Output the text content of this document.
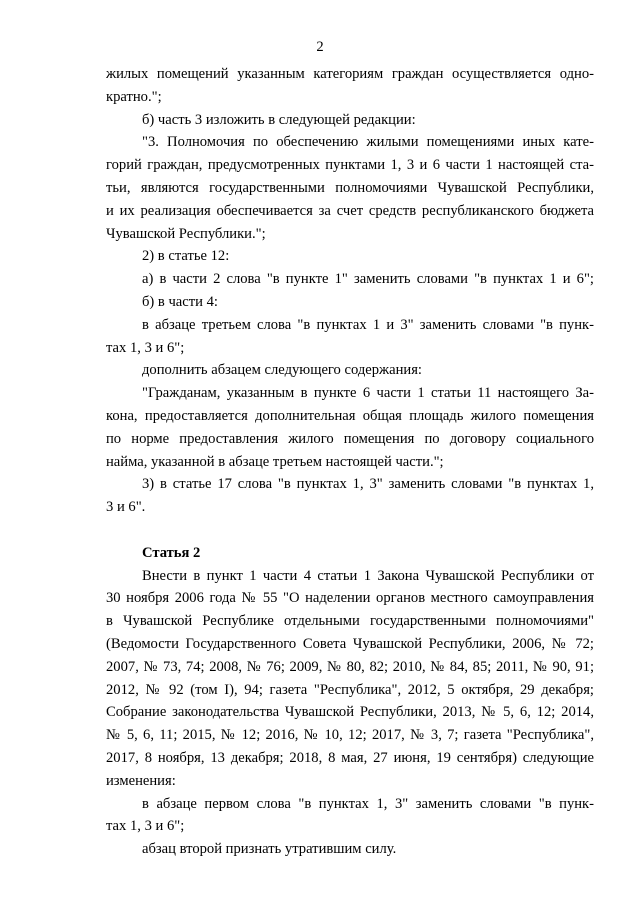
2
жилых помещений указанным категориям граждан осуществляется одно-
кратно.";
б) часть 3 изложить в следующей редакции:
"3. Полномочия по обеспечению жилыми помещениями иных кате-
горий граждан, предусмотренных пунктами 1, 3 и 6 части 1 настоящей ста-
тьи, являются государственными полномочиями Чувашской Республики,
и их реализация обеспечивается за счет средств республиканского бюджета
Чувашской Республики.";
2) в статье 12:
а) в части 2 слова "в пункте 1" заменить словами "в пунктах 1 и 6";
б) в части 4:
в абзаце третьем слова "в пунктах 1 и 3" заменить словами "в пунк-
тах 1, 3 и 6";
дополнить абзацем следующего содержания:
"Гражданам, указанным в пункте 6 части 1 статьи 11 настоящего За-
кона, предоставляется дополнительная общая площадь жилого помещения
по норме предоставления жилого помещения по договору социального
найма, указанной в абзаце третьем настоящей части.";
3) в статье 17 слова "в пунктах 1, 3" заменить словами "в пунктах 1,
3 и 6".
Статья 2
Внести в пункт 1 части 4 статьи 1 Закона Чувашской Республики от
30 ноября 2006 года № 55 "О наделении органов местного самоуправления
в Чувашской Республике отдельными государственными полномочиями"
(Ведомости Государственного Совета Чувашской Республики, 2006, № 72;
2007, № 73, 74; 2008, № 76; 2009, № 80, 82; 2010, № 84, 85; 2011, № 90, 91;
2012, № 92 (том I), 94; газета "Республика", 2012, 5 октября, 29 декабря;
Собрание законодательства Чувашской Республики, 2013, № 5, 6, 12; 2014,
№ 5, 6, 11; 2015, № 12; 2016, № 10, 12; 2017, № 3, 7; газета "Республика",
2017, 8 ноября, 13 декабря; 2018, 8 мая, 27 июня, 19 сентября) следующие
изменения:
в абзаце первом слова "в пунктах 1, 3" заменить словами "в пунк-
тах 1, 3 и 6";
абзац второй признать утратившим силу.
